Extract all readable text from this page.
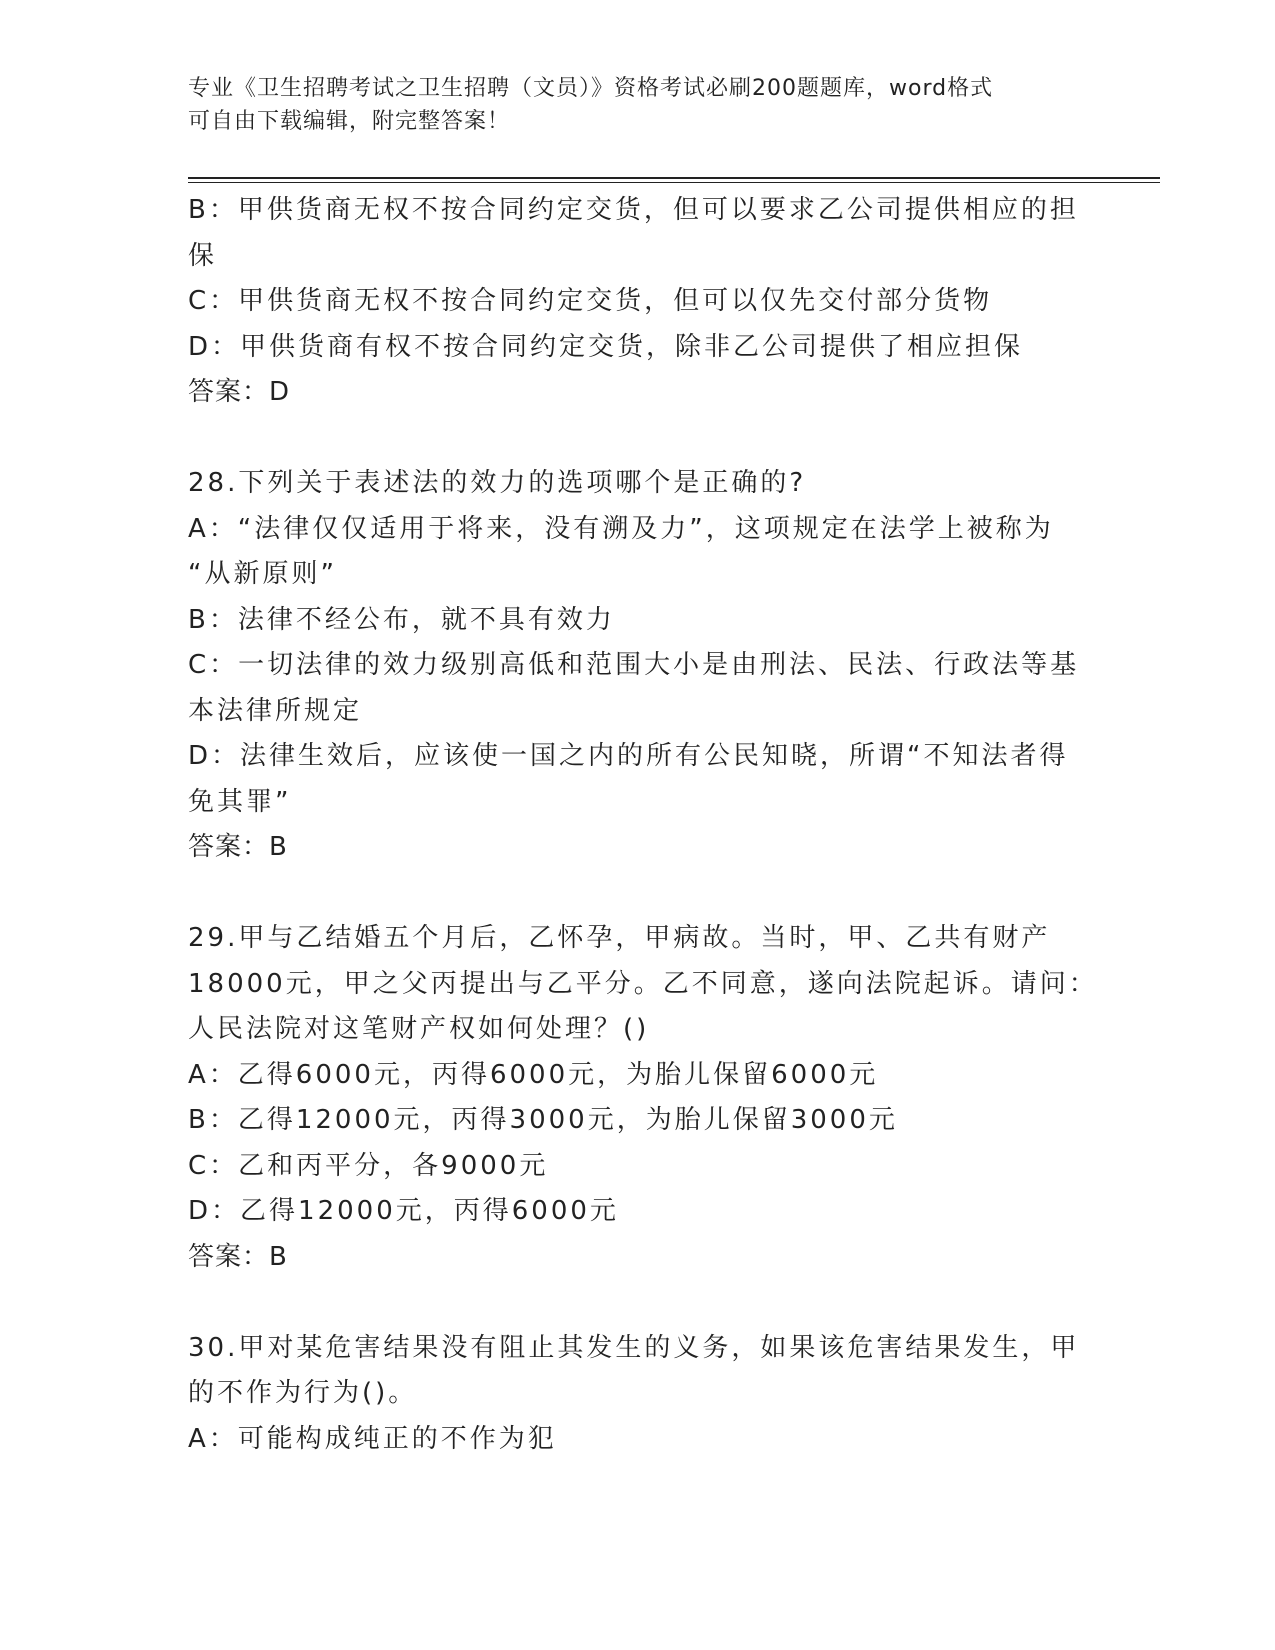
专业《卫生招聘考试之卫生招聘（文员）》资格考试必刷200题题库，word格式
可自由下载编辑，附完整答案！
B：甲供货商无权不按合同约定交货，但可以要求乙公司提供相应的担
保
C：甲供货商无权不按合同约定交货，但可以仅先交付部分货物
D：甲供货商有权不按合同约定交货，除非乙公司提供了相应担保
答案：D
28.下列关于表述法的效力的选项哪个是正确的?
A：“法律仅仅适用于将来，没有溯及力”，这项规定在法学上被称为
“从新原则”
B：法律不经公布，就不具有效力
C：一切法律的效力级别高低和范围大小是由刑法、民法、行政法等基
本法律所规定
D：法律生效后，应该使一国之内的所有公民知晓，所谓“不知法者得
免其罪”
答案：B
29.甲与乙结婚五个月后，乙怀孕，甲病故。当时，甲、乙共有财产
18000元，甲之父丙提出与乙平分。乙不同意，遂向法院起诉。请问：
人民法院对这笔财产权如何处理？()
A：乙得6000元，丙得6000元，为胎儿保留6000元
B：乙得12000元，丙得3000元，为胎儿保留3000元
C：乙和丙平分，各9000元
D：乙得12000元，丙得6000元
答案：B
30.甲对某危害结果没有阻止其发生的义务，如果该危害结果发生，甲
的不作为行为()。
A：可能构成纯正的不作为犯
